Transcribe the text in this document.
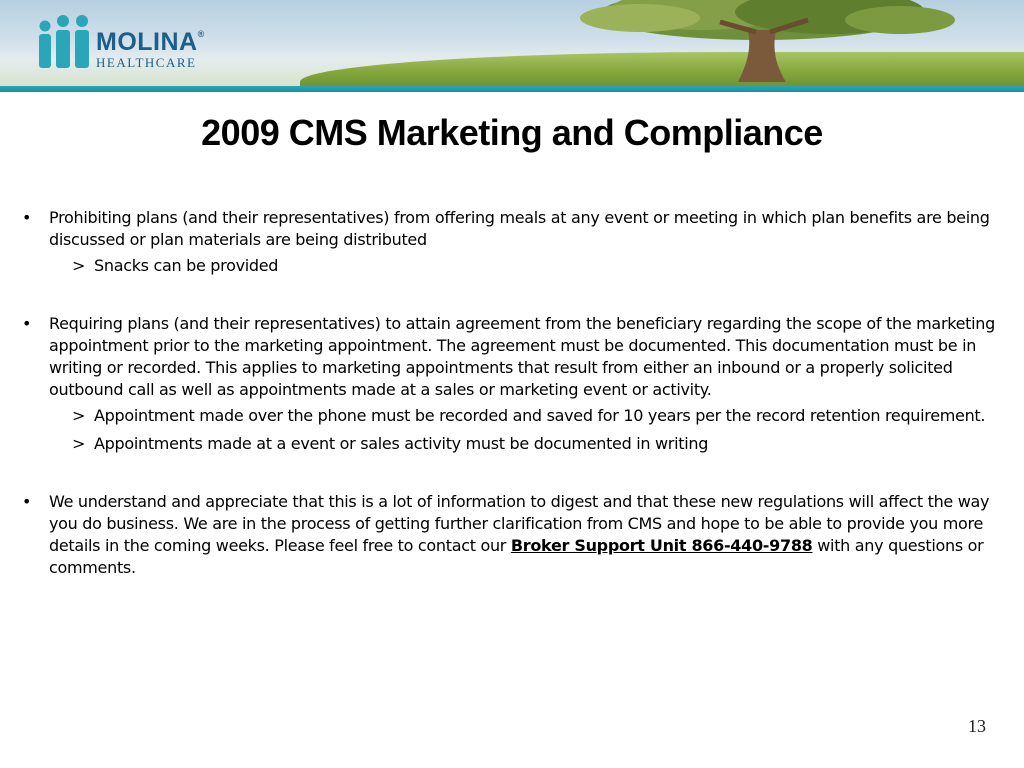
MOLINA®
HEALTHCARE
2009 CMS Marketing and Compliance

• Prohibiting plans (and their representatives) from offering meals at any event or meeting in which plan benefits are being discussed or plan materials are being distributed

> Snacks can be provided

• Requiring plans (and their representatives) to attain agreement from the beneficiary regarding the scope of the marketing appointment prior to the marketing appointment. The agreement must be documented. This documentation must be in writing or recorded. This applies to marketing appointments that result from either an inbound or a properly solicited outbound call as well as appointments made at a sales or marketing event or activity.

> Appointment made over the phone must be recorded and saved for 10 years per the record retention requirement.
> Appointments made at a event or sales activity must be documented in writing

• We understand and appreciate that this is a lot of information to digest and that these new regulations will affect the way you do business. We are in the process of getting further clarification from CMS and hope to be able to provide you more details in the coming weeks. Please feel free to contact our Broker Support Unit 866-440-9788 with any questions or comments.

13
